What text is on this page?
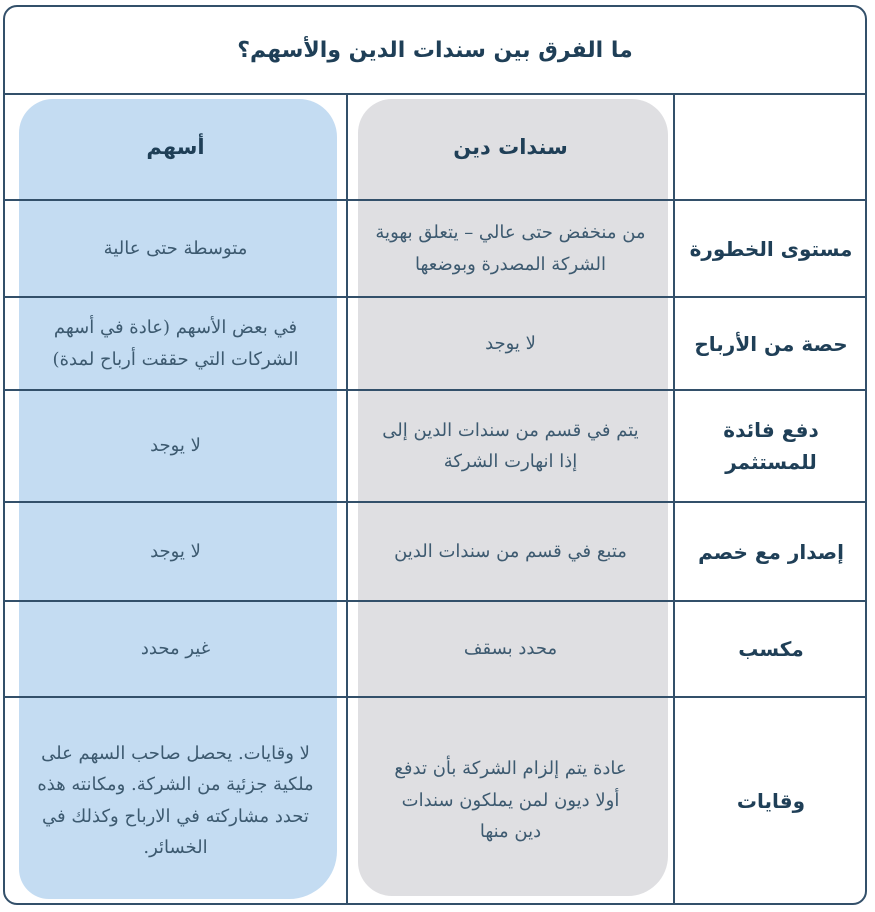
ما الفرق بين سندات الدين والأسهم؟
سندات دين
أسهم
مستوى الخطورة
من منخفض حتى عالي – يتعلق بهوية الشركة المصدرة وبوضعها
متوسطة حتى عالية
حصة من الأرباح
لا يوجد
في بعض الأسهم (عادة في أسهم الشركات التي حققت أرباح لمدة)
دفع فائدة للمستثمر
يتم في قسم من سندات الدين إلى إذا انهارت الشركة
لا يوجد
إصدار مع خصم
متبع في قسم من سندات الدين
لا يوجد
مكسب
محدد بسقف
غير محدد
وقايات
عادة يتم إلزام الشركة بأن تدفع أولا ديون لمن يملكون سندات دين منها
لا وقايات. يحصل صاحب السهم على ملكية جزئية من الشركة. ومكانته هذه تحدد مشاركته في الارباح وكذلك في الخسائر.
